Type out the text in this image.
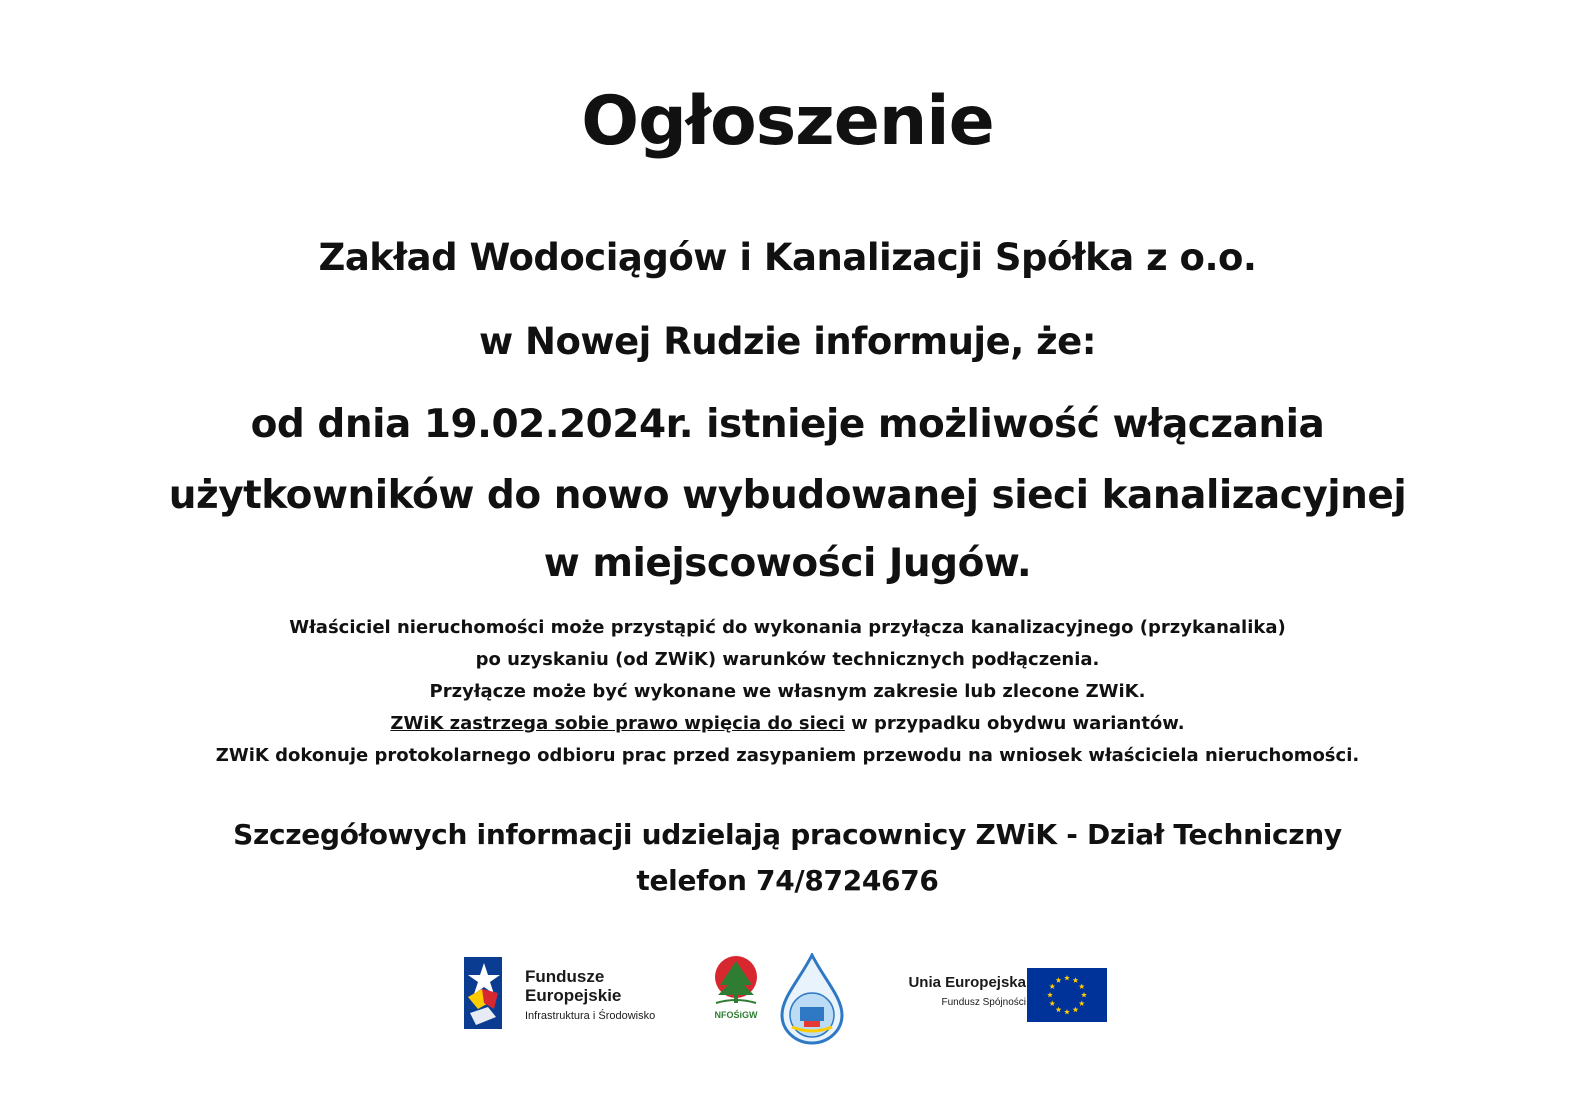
Ogłoszenie
Zakład Wodociągów i Kanalizacji Spółka z o.o.
w Nowej Rudzie informuje, że:
od dnia 19.02.2024r. istnieje możliwość włączania
użytkowników do nowo wybudowanej sieci kanalizacyjnej
w miejscowości Jugów.
Właściciel nieruchomości może przystąpić do wykonania przyłącza kanalizacyjnego (przykanalika)
po uzyskaniu (od ZWiK) warunków technicznych podłączenia.
Przyłącze może być wykonane we własnym zakresie lub zlecone ZWiK.
ZWiK zastrzega sobie prawo wpięcia do sieci w przypadku obydwu wariantów.
ZWiK dokonuje protokolarnego odbioru prac przed zasypaniem przewodu na wniosek właściciela nieruchomości.
Szczegółowych informacji udzielają pracownicy ZWiK - Dział Techniczny
telefon 74/8724676
Fundusze
Europejskie
Infrastruktura i Środowisko	NFOŚiGW
Unia Europejska
Fundusz Spójności
